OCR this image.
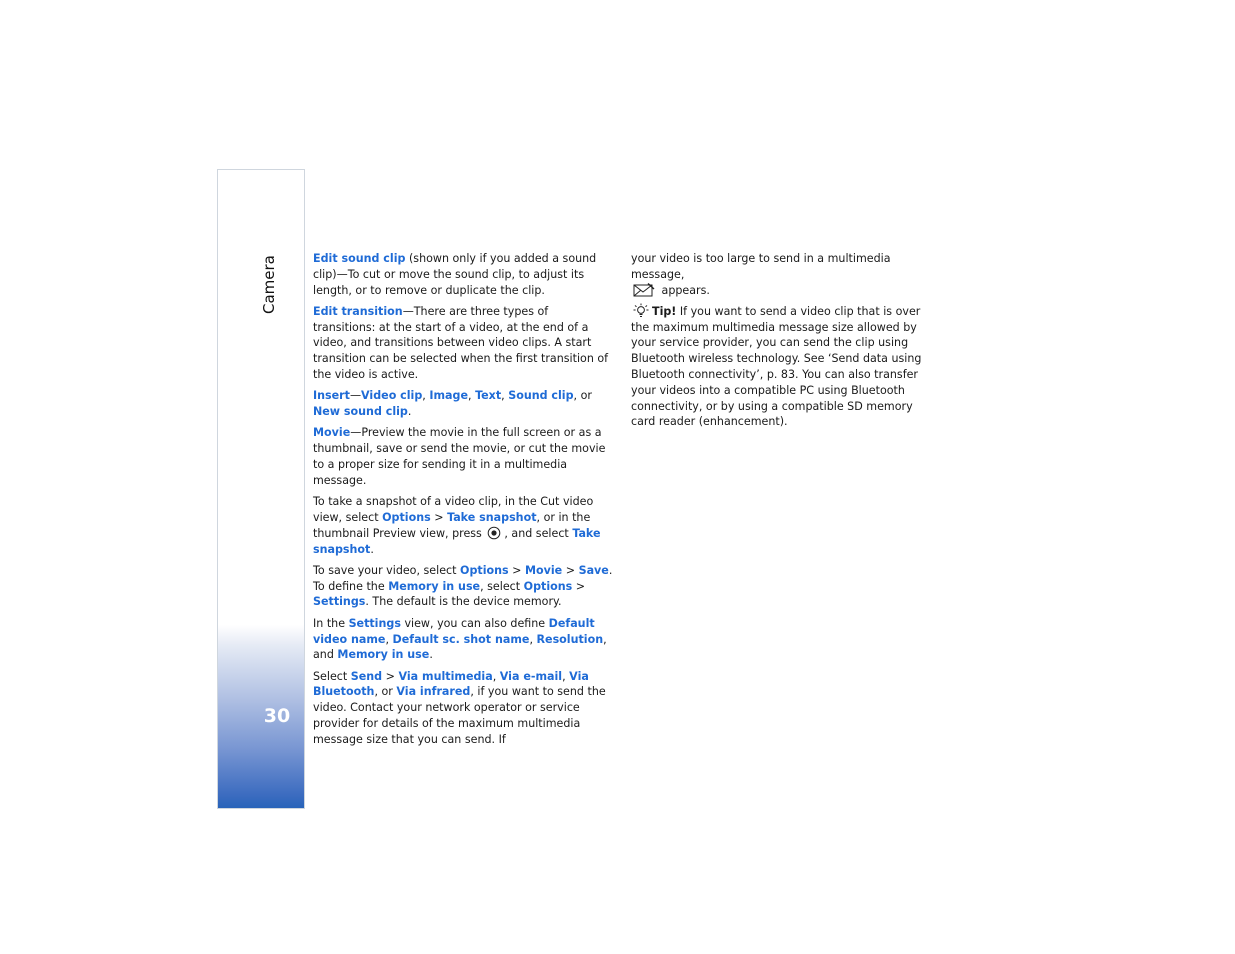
Camera
30

Edit sound clip (shown only if you added a sound clip)—To cut or move the sound clip, to adjust its length, or to remove or duplicate the clip.

Edit transition—There are three types of transitions: at the start of a video, at the end of a video, and transitions between video clips. A start transition can be selected when the first transition of the video is active.

Insert—Video clip, Image, Text, Sound clip, or New sound clip.

Movie—Preview the movie in the full screen or as a thumbnail, save or send the movie, or cut the movie to a proper size for sending it in a multimedia message.

To take a snapshot of a video clip, in the Cut video view, select Options > Take snapshot, or in the thumbnail Preview view, press , and select Take snapshot.

To save your video, select Options > Movie > Save. To define the Memory in use, select Options > Settings. The default is the device memory.

In the Settings view, you can also define Default video name, Default sc. shot name, Resolution, and Memory in use.

Select Send > Via multimedia, Via e-mail, Via Bluetooth, or Via infrared, if you want to send the video. Contact your network operator or service provider for details of the maximum multimedia message size that you can send. If

your video is too large to send in a multimedia message,
appears.

Tip! If you want to send a video clip that is over the maximum multimedia message size allowed by your service provider, you can send the clip using Bluetooth wireless technology. See ‘Send data using Bluetooth connectivity’, p. 83. You can also transfer your videos into a compatible PC using Bluetooth connectivity, or by using a compatible SD memory card reader (enhancement).
